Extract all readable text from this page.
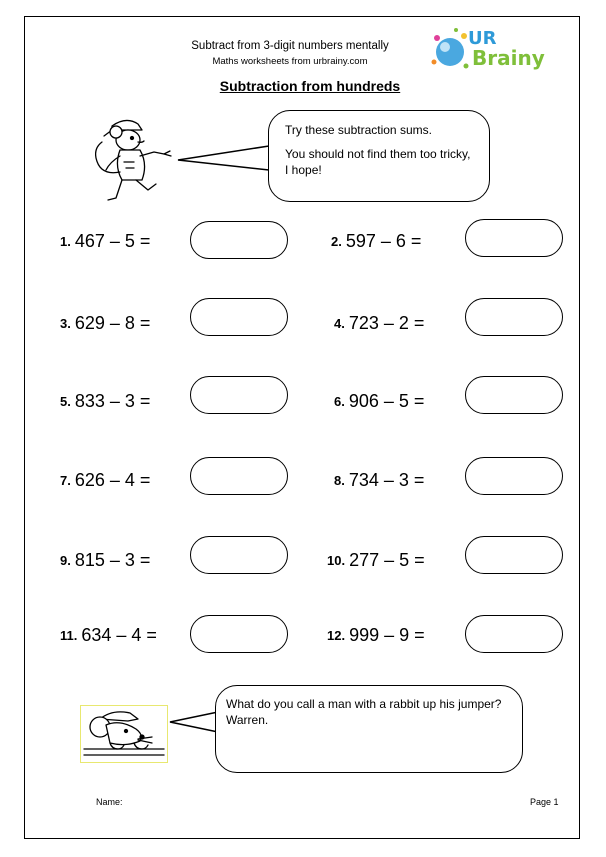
Subtract from 3-digit numbers mentally
Maths worksheets from urbrainy.com
UR
Brainy
Subtraction from hundreds

Try these subtraction sums.

You should not find them too tricky, I hope!

1. 467 – 5 =	2. 597 – 6 =
3. 629 – 8 =	4. 723 – 2 =
5. 833 – 3 =	6. 906 – 5 =
7. 626 – 4 =	8. 734 – 3 =
9. 815 – 3 =	10. 277 – 5 =
11. 634 – 4 =	12. 999 – 9 =

What do you call a man with a rabbit up his jumper?

Warren.

Name:	Page 1
